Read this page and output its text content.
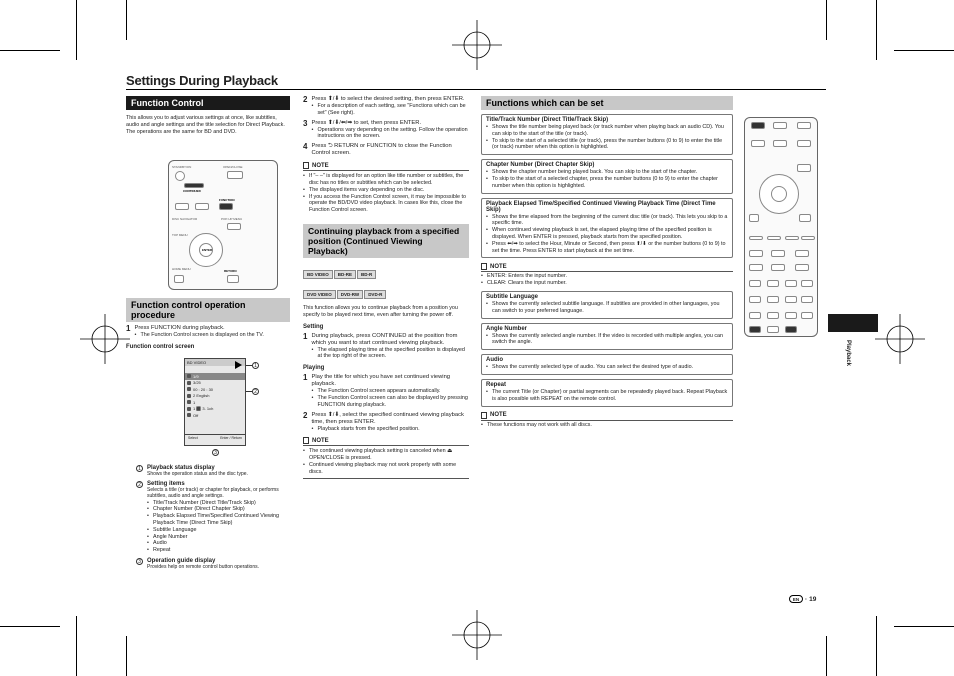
Settings During Playback
Function Control

This allows you to adjust various settings at once, like subtitles, audio and angle settings and the title selection for Direct Playback. The operations are the same for BD and DVD.

STANDBY/ON	OPEN/CLOSE
CONTINUED
FUNCTION
DISC NAVIGATOR	POP-UP MENU
TOP MENU
ENTER
HOME MENU	RETURN
Function control operation procedure
1 Press FUNCTION during playback.

• The Function Control screen is displayed on the TV.
Function control screen
BD VIDEO
1/9
3/25
00 : 20 : 30
2 English
1
1 ⬛ 3. 1ch
Off
Select	Enter / Return
1
2
3
1	Playback status display

Shows the operation status and the disc type.

2	Setting items

Selects a title (or track) or chapter for playback, or performs subtitles, audio and angle settings.

• Title/Track Number (Direct Title/Track Skip)
• Chapter Number (Direct Chapter Skip)
• Playback Elapsed Time/Specified Continued Viewing Playback Time (Direct Time Skip)
• Subtitle Language
• Angle Number
• Audio
• Repeat
3	Operation guide display

Provides help on remote control button operations.

2 Press ⬆/⬇ to select the desired setting, then press ENTER.

• For a description of each setting, see "Functions which can be set" (See right).
3 Press ⬆/⬇/⬅/➡ to set, then press ENTER.

• Operations vary depending on the setting. Follow the operation instructions on the screen.
4 Press ⮌ RETURN or FUNCTION to close the Function Control screen.

NOTE
• If "– –" is displayed for an option like title number or subtitles, the disc has no titles or subtitles which can be selected.
• The displayed items vary depending on the disc.
• If you access the Function Control screen, it may be impossible to operate the BD/DVD video playback. In cases like this, close the Function Control screen.
Continuing playback from a specified position (Continued Viewing Playback)
BD VIDEO BD-RE BD-R
DVD VIDEO DVD-RW DVD-R

This function allows you to continue playback from a position you specify to be played next time, even after turning the power off.

Setting
1 During playback, press CONTINUED at the position from which you want to start continued viewing playback.

• The elapsed playing time at the specified position is displayed at the top right of the screen.
Playing
1 Play the title for which you have set continued viewing playback.

• The Function Control screen appears automatically.
• The Function Control screen can also be displayed by pressing FUNCTION during playback.
2 Press ⬆/⬇, select the specified continued viewing playback time, then press ENTER.

• Playback starts from the specified position.
NOTE
• The continued viewing playback setting is canceled when ⏏ OPEN/CLOSE is pressed.
• Continued viewing playback may not work properly with some discs.
Functions which can be set
Title/Track Number (Direct Title/Track Skip)
• Shows the title number being played back (or track number when playing back an audio CD). You can skip to the start of the title (or track).
• To skip to the start of a selected title (or track), press the number buttons (0 to 9) to enter the title (or track) number when this option is highlighted.
Chapter Number (Direct Chapter Skip)
• Shows the chapter number being played back. You can skip to the start of the chapter.
• To skip to the start of a selected chapter, press the number buttons (0 to 9) to enter the chapter number when this option is highlighted.
Playback Elapsed Time/Specified Continued Viewing Playback Time (Direct Time Skip)
• Shows the time elapsed from the beginning of the current disc title (or track). This lets you skip to a specific time.
• When continued viewing playback is set, the elapsed playing time of the specified position is displayed. When ENTER is pressed, playback starts from the specified position.
• Press ⬅/➡ to select the Hour, Minute or Second, then press ⬆/⬇ or the number buttons (0 to 9) to set the time. Press ENTER to start playback at the set time.
NOTE
• ENTER: Enters the input number.
• CLEAR: Clears the input number.
Subtitle Language
• Shows the currently selected subtitle language. If subtitles are provided in other languages, you can switch to your preferred language.
Angle Number
• Shows the currently selected angle number. If the video is recorded with multiple angles, you can switch the angle.
Audio
• Shows the currently selected type of audio. You can select the desired type of audio.
Repeat
• The current Title (or Chapter) or partial segments can be repeatedly played back. Repeat Playback is also possible with REPEAT on the remote control.
NOTE
• These functions may not work with all discs.
Playback
EN · 19
